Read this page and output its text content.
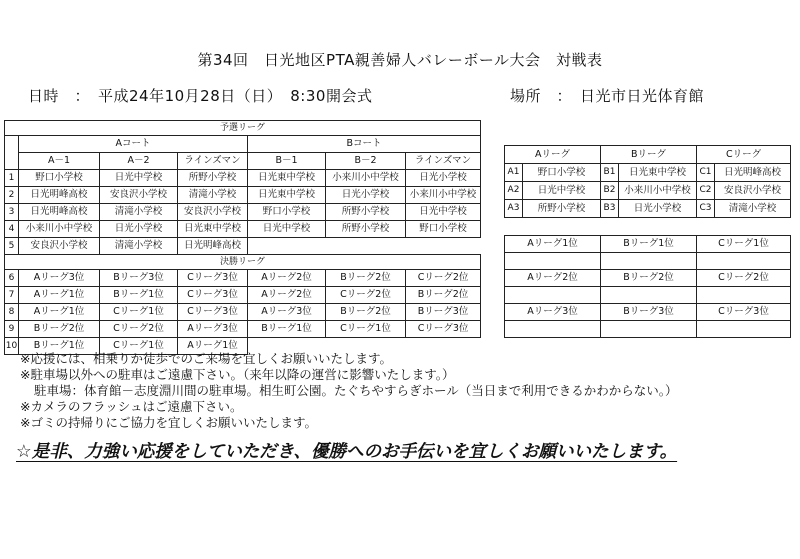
第34回　日光地区PTA親善婦人バレーボール大会　対戦表
日時　：　平成24年10月28日（日）　8:30開会式	場所　：　日光市日光体育館
予選リーグ						
	Aコート			Bコート		
	A－1	A－2	ラインズマン	B－1	B－2	ラインズマン
1	野口小学校	日光中学校	所野小学校	日光東中学校	小来川小中学校	日光小学校
2	日光明峰高校	安良沢小学校	清滝小学校	日光東中学校	日光小学校	小来川小中学校
3	日光明峰高校	清滝小学校	安良沢小学校	野口小学校	所野小学校	日光中学校
4	小来川小中学校	日光小学校	日光東中学校	日光中学校	所野小学校	野口小学校
5	安良沢小学校	清滝小学校	日光明峰高校			
決勝リーグ						
6	Aリーグ3位	Bリーグ3位	Cリーグ3位	Aリーグ2位	Bリーグ2位	Cリーグ2位
7	Aリーグ1位	Bリーグ1位	Cリーグ3位	Aリーグ2位	Cリーグ2位	Bリーグ2位
8	Aリーグ1位	Cリーグ1位	Cリーグ3位	Aリーグ3位	Bリーグ2位	Bリーグ3位
9	Bリーグ2位	Cリーグ2位	Aリーグ3位	Bリーグ1位	Cリーグ1位	Cリーグ3位
10	Bリーグ1位	Cリーグ1位	Aリーグ1位			
Aリーグ		Bリーグ		Cリーグ	
A1	野口小学校	B1	日光東中学校	C1	日光明峰高校
A2	日光中学校	B2	小来川小中学校	C2	安良沢小学校
A3	所野小学校	B3	日光小学校	C3	清滝小学校
Aリーグ1位	Bリーグ1位	Cリーグ1位

Aリーグ2位	Bリーグ2位	Cリーグ2位

Aリーグ3位	Bリーグ3位	Cリーグ3位

※応援には、相乗りか徒歩でのご来場を宜しくお願いいたします。
※駐車場以外への駐車はご遠慮下さい。（来年以降の運営に影響いたします。）
駐車場：体育館－志度淵川間の駐車場。相生町公園。たぐちやすらぎホール（当日まで利用できるかわからない。）
※カメラのフラッシュはご遠慮下さい。
※ゴミの持帰りにご協力を宜しくお願いいたします。
☆是非、力強い応援をしていただき、優勝へのお手伝いを宜しくお願いいたします。
